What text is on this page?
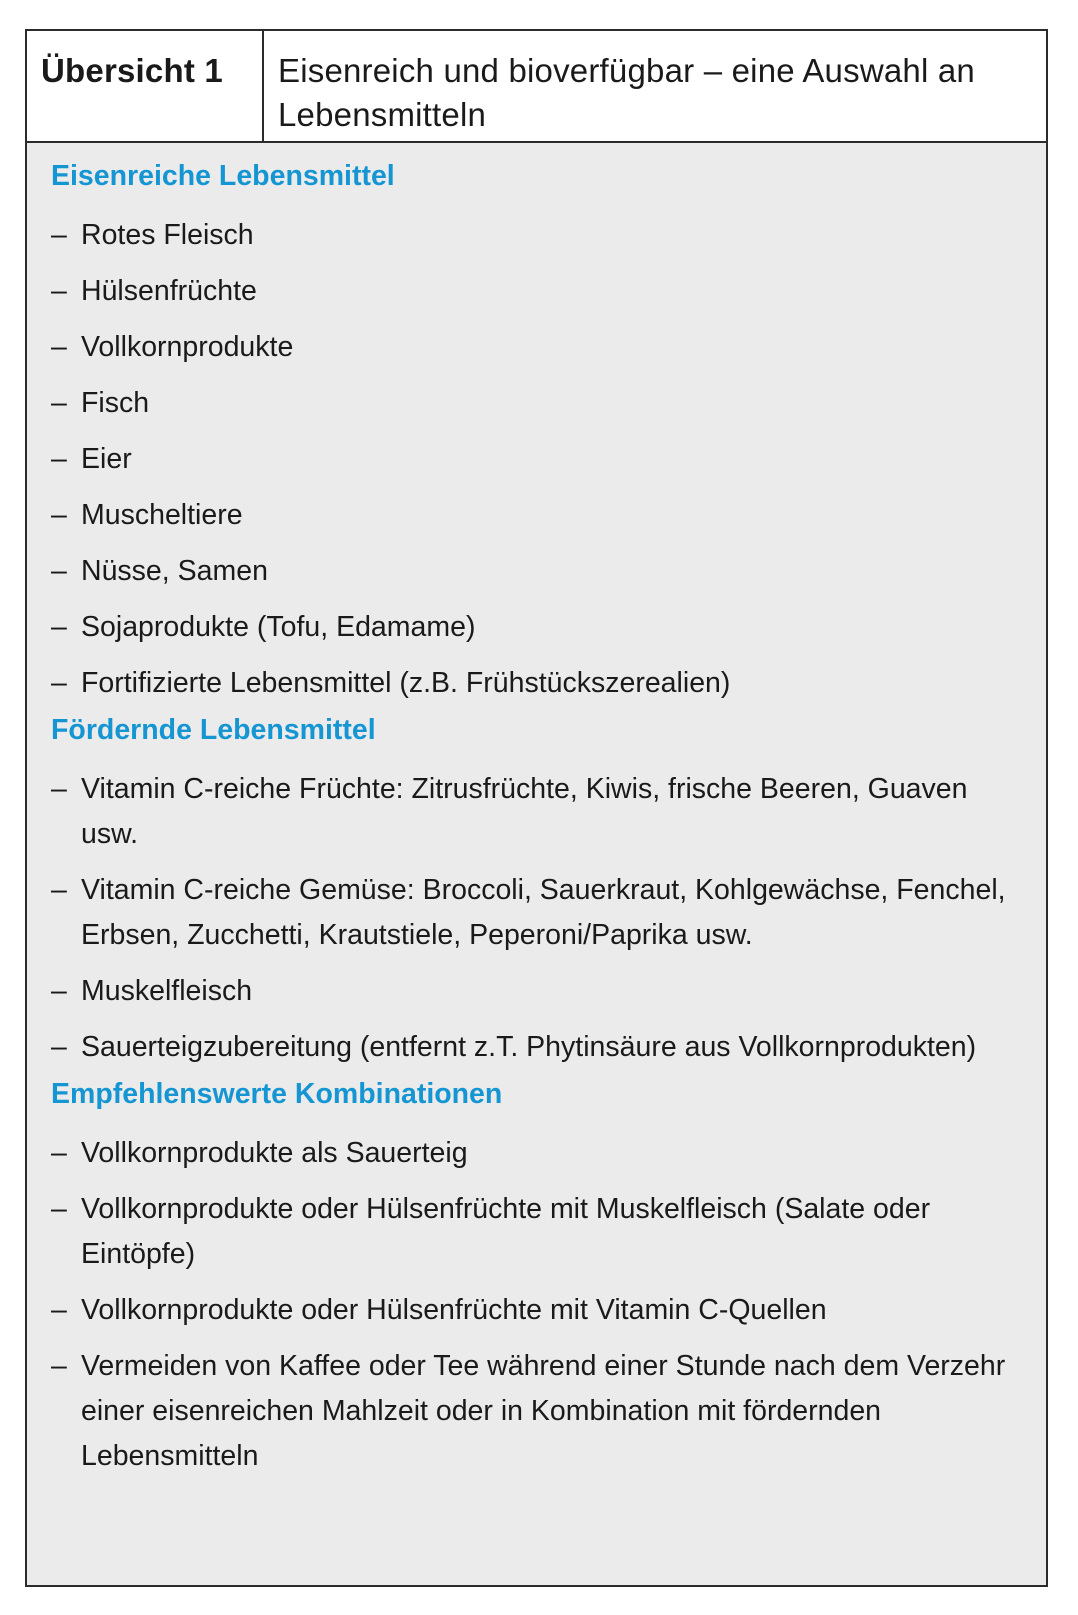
Übersicht 1	Eisenreich und bioverfügbar – eine Auswahl an Lebensmitteln
Eisenreiche Lebensmittel
– Rotes Fleisch
– Hülsenfrüchte
– Vollkornprodukte
– Fisch
– Eier
– Muscheltiere
– Nüsse, Samen
– Sojaprodukte (Tofu, Edamame)
– Fortifizierte Lebensmittel (z.B. Frühstückszerealien)
Fördernde Lebensmittel
– Vitamin C-reiche Früchte: Zitrusfrüchte, Kiwis, frische Beeren, Guaven usw.
– Vitamin C-reiche Gemüse: Broccoli, Sauerkraut, Kohlgewächse, Fenchel, Erbsen, Zucchetti, Krautstiele, Peperoni/Paprika usw.
– Muskelfleisch
– Sauerteigzubereitung (entfernt z.T. Phytinsäure aus Vollkornprodukten)
Empfehlenswerte Kombinationen
– Vollkornprodukte als Sauerteig
– Vollkornprodukte oder Hülsenfrüchte mit Muskelfleisch (Salate oder Eintöpfe)
– Vollkornprodukte oder Hülsenfrüchte mit Vitamin C-Quellen
– Vermeiden von Kaffee oder Tee während einer Stunde nach dem Verzehr einer eisenreichen Mahlzeit oder in Kombination mit fördernden Lebensmitteln
